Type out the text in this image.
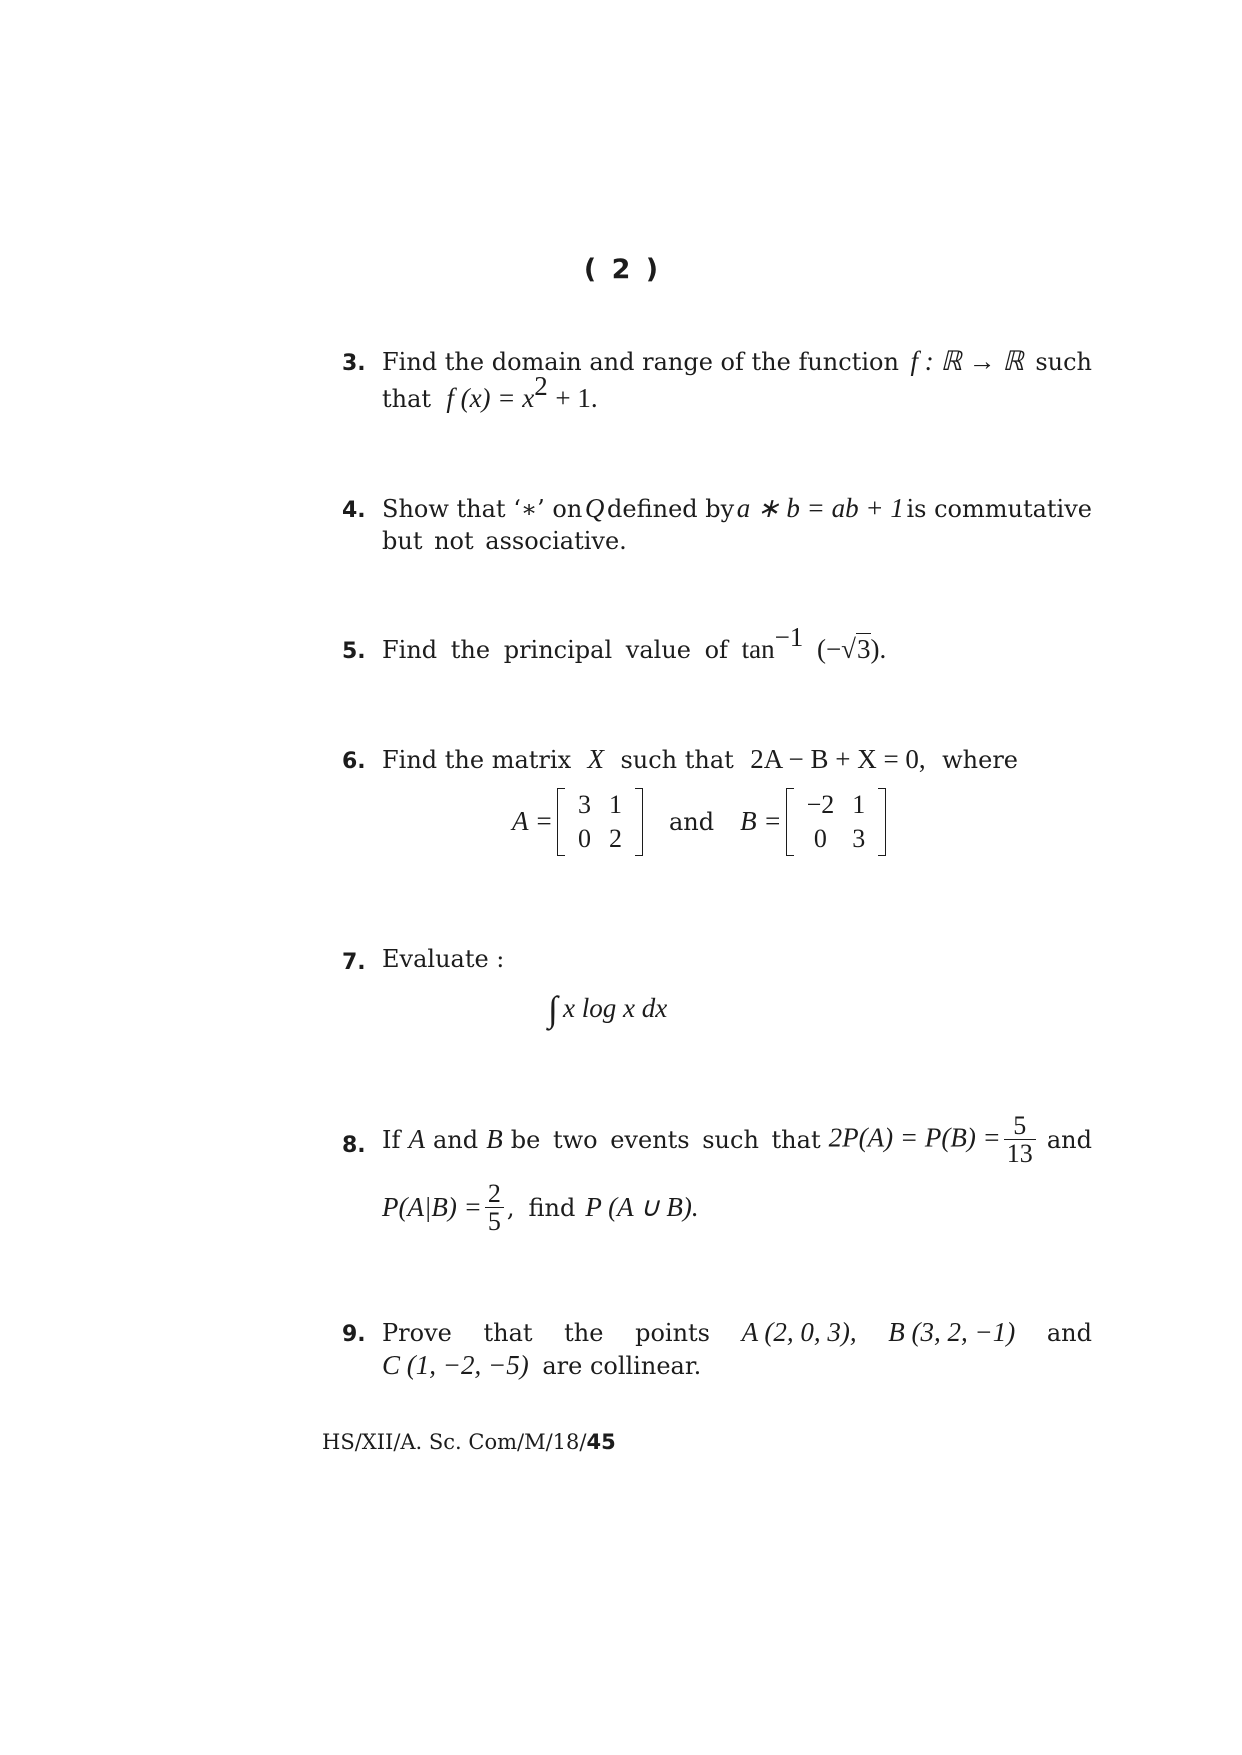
( 2 )
3. Find the domain and range of the function f : ℝ → ℝ such
that f $(x) = x^2 + 1$.
4. Show that ‘∗’ on Q defined by a ∗ b = ab + 1 is commutative
but not associative.
5. Find the principal value of $\tan^{-1} (-√3)$.
6. Find the matrix X such that 2A − B + X = 0, where
A =
3	1
0	2
and B =
−2	1
0	3
7. Evaluate :
∫ x log x dx
8. If A and B be two events such that $2P(A) = P(B) = \frac{5}{13}$ and
$P(A|B) = \frac{2}{5}$ , find P (A ∪ B).
9. Prove that the points A (2, 0, 3), B (3, 2, −1) and
C (1, −2, −5) are collinear.
HS/XII/A. Sc. Com/M/18/45
